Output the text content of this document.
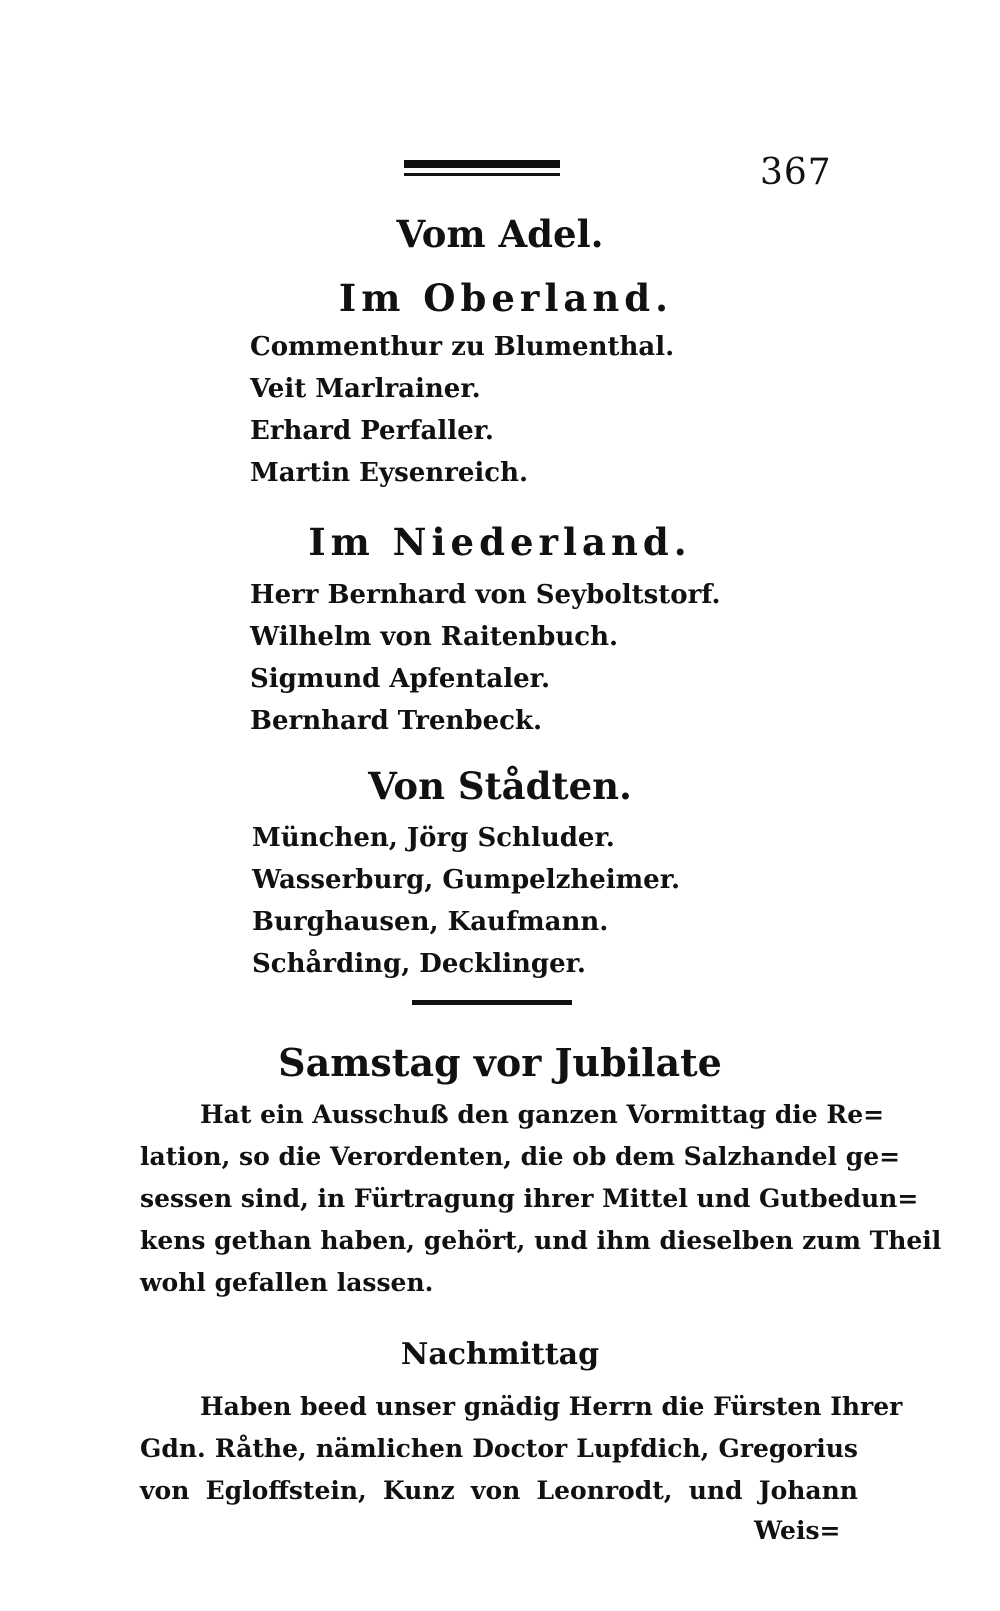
367
Vom Adel.
Im Oberland.
Commenthur zu Blumenthal.
Veit Marlrainer.
Erhard Perfaller.
Martin Eysenreich.
Im Niederland.
Herr Bernhard von Seyboltstorf.
Wilhelm von Raitenbuch.
Sigmund Apfentaler.
Bernhard Trenbeck.
Von Stådten.
München, Jörg Schluder.
Wasserburg, Gumpelzheimer.
Burghausen, Kaufmann.
Schårding, Decklinger.
Samstag vor Jubilate

Hat ein Ausschuß den ganzen Vormittag die Re=
lation, so die Verordenten, die ob dem Salzhandel ge=
sessen sind, in Fürtragung ihrer Mittel und Gutbedun=
kens gethan haben, gehört, und ihm dieselben zum Theil
wohl gefallen lassen.

Nachmittag

Haben beed unser gnädig Herrn die Fürsten Ihrer
Gdn. Råthe, nämlichen Doctor Lupfdich, Gregorius
von Egloffstein, Kunz von Leonrodt, und Johann

Weis=
